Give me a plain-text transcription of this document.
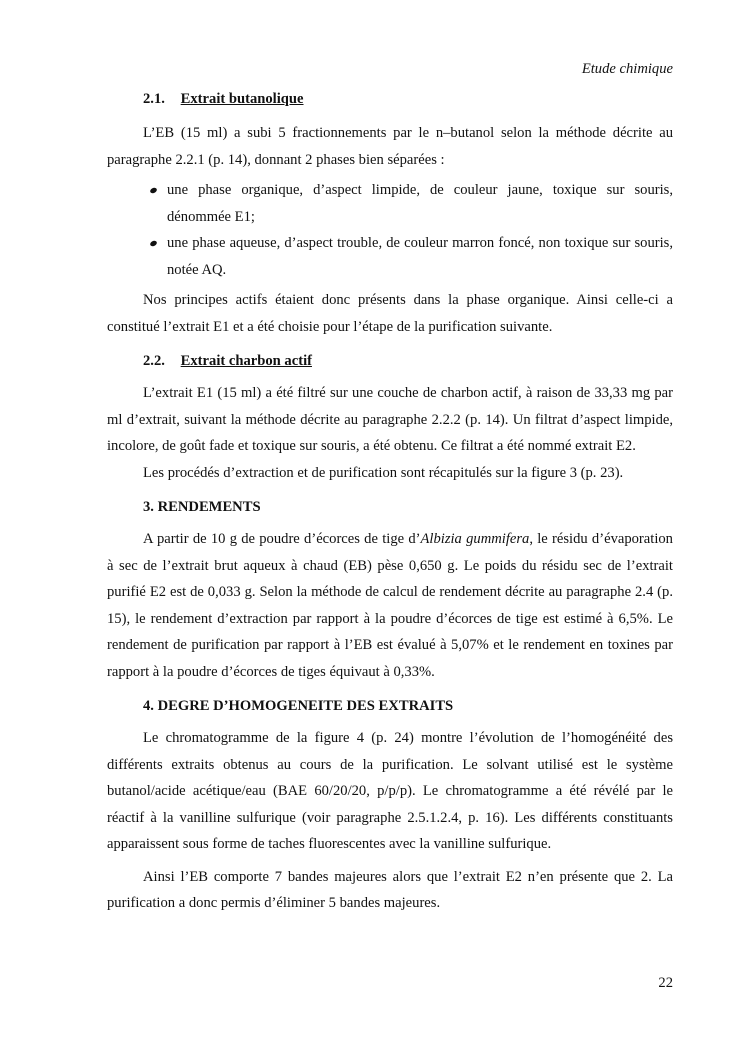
Etude chimique
2.1. Extrait butanolique

L’EB (15 ml) a subi 5 fractionnements par le n–butanol selon la méthode décrite au paragraphe 2.2.1 (p. 14), donnant 2 phases bien séparées :

une phase organique, d’aspect limpide, de couleur jaune, toxique sur souris, dénommée E1;
une phase aqueuse, d’aspect trouble, de couleur marron foncé, non toxique sur souris, notée AQ.

Nos principes actifs étaient donc présents dans la phase organique. Ainsi celle-ci a constitué l’extrait E1 et a été choisie pour l’étape de la purification suivante.

2.2. Extrait charbon actif

L’extrait E1 (15 ml) a été filtré sur une couche de charbon actif, à raison de 33,33 mg par ml d’extrait, suivant la méthode décrite au paragraphe 2.2.2 (p. 14). Un filtrat d’aspect limpide, incolore, de goût fade et toxique sur souris, a été obtenu. Ce filtrat a été nommé extrait E2.

Les procédés d’extraction et de purification sont récapitulés sur la figure 3 (p. 23).

3. RENDEMENTS

A partir de 10 g de poudre d’écorces de tige d’Albizia gummifera, le résidu d’évaporation à sec de l’extrait brut aqueux à chaud (EB) pèse 0,650 g. Le poids du résidu sec de l’extrait purifié E2 est de 0,033 g. Selon la méthode de calcul de rendement décrite au paragraphe 2.4 (p. 15), le rendement d’extraction par rapport à la poudre d’écorces de tige est estimé à 6,5%. Le rendement de purification par rapport à l’EB est évalué à 5,07% et le rendement en toxines par rapport à la poudre d’écorces de tiges équivaut à 0,33%.

4. DEGRE D’HOMOGENEITE DES EXTRAITS

Le chromatogramme de la figure 4 (p. 24) montre l’évolution de l’homogénéité des différents extraits obtenus au cours de la purification. Le solvant utilisé est le système butanol/acide acétique/eau (BAE 60/20/20, p/p/p). Le chromatogramme a été révélé par le réactif à la vanilline sulfurique (voir paragraphe 2.5.1.2.4, p. 16). Les différents constituants apparaissent sous forme de taches fluorescentes avec la vanilline sulfurique.

Ainsi l’EB comporte 7 bandes majeures alors que l’extrait E2 n’en présente que 2. La purification a donc permis d’éliminer 5 bandes majeures.

22
